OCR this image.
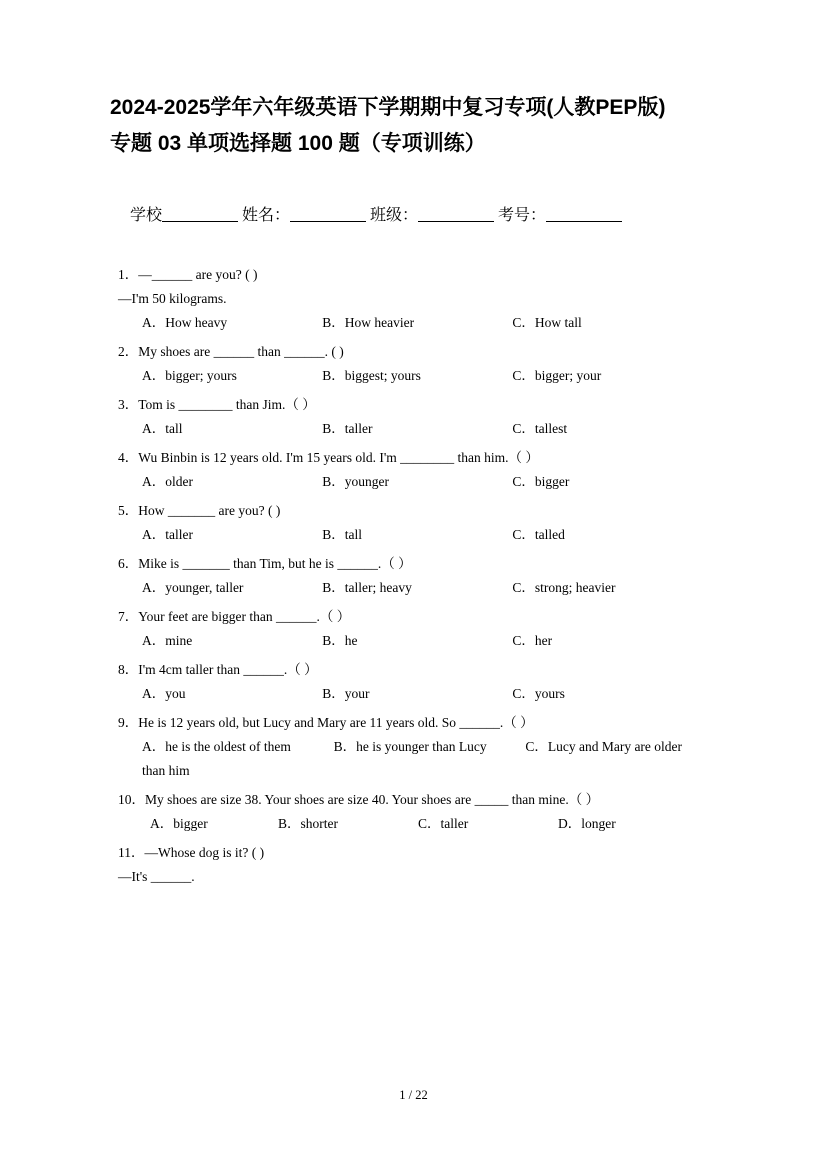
2024-2025学年六年级英语下学期期中复习专项(人教PEP版)
专题 03 单项选择题 100 题（专项训练）
学校	姓名：	班级：	考号：
1．—______ are you? ( )
—I'm 50 kilograms.
A．How heavy	B．How heavier	C．How tall
2．My shoes are ______ than ______. ( )
A．bigger; yours	B．biggest; yours	C．bigger; your
3．Tom is ________ than Jim.（ ）
A．tall	B．taller	C．tallest
4．Wu Binbin is 12 years old. I'm 15 years old. I'm ________ than him.（ ）
A．older	B．younger	C．bigger
5．How _______ are you? ( )
A．taller	B．tall	C．talled
6．Mike is _______ than Tim, but he is ______.（ ）
A．younger, taller	B．taller; heavy	C．strong; heavier
7．Your feet are bigger than ______.（ ）
A．mine	B．he	C．her
8．I'm 4cm taller than ______.（ ）
A．you	B．your	C．yours
9．He is 12 years old, but Lucy and Mary are 11 years old. So ______.（ ）
A．he is the oldest of them	B．he is younger than Lucy	C．Lucy and Mary are older
than him
10．My shoes are size 38. Your shoes are size 40. Your shoes are _____ than mine.（ ）
A．bigger	B．shorter	C．taller	D．longer
11．—Whose dog is it? ( )
—It's ______.
1 / 22
